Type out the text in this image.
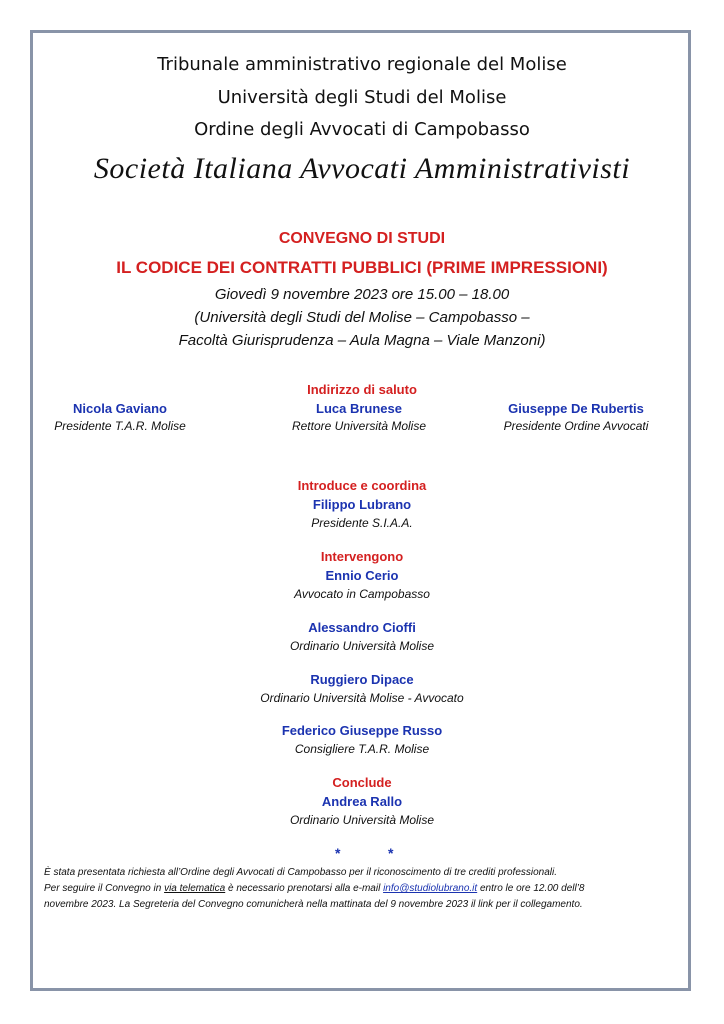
Tribunale amministrativo regionale del Molise
Università degli Studi del Molise
Ordine degli Avvocati di Campobasso
Società Italiana Avvocati Amministrativisti
CONVEGNO DI STUDI
IL CODICE DEI CONTRATTI PUBBLICI (PRIME IMPRESSIONI)
Giovedì 9 novembre 2023 ore 15.00 – 18.00
(Università degli Studi del Molise – Campobasso –
Facoltà Giurisprudenza – Aula Magna – Viale Manzoni)
Indirizzo di saluto
Nicola Gaviano
Presidente T.A.R. Molise
Luca Brunese
Rettore Università Molise
Giuseppe De Rubertis
Presidente Ordine Avvocati
Introduce e coordina
Filippo Lubrano
Presidente S.I.A.A.
Intervengono
Ennio Cerio
Avvocato in Campobasso
Alessandro Cioffi
Ordinario Università Molise
Ruggiero Dipace
Ordinario Università Molise - Avvocato
Federico Giuseppe Russo
Consigliere T.A.R. Molise
Conclude
Andrea Rallo
Ordinario Università Molise
*	*
È stata presentata richiesta all’Ordine degli Avvocati di Campobasso per il riconoscimento di tre crediti professionali.
Per seguire il Convegno in via telematica è necessario prenotarsi alla e-mail info@studiolubrano.it entro le ore 12.00 dell’8
novembre 2023. La Segreteria del Convegno comunicherà nella mattinata del 9 novembre 2023 il link per il collegamento.
